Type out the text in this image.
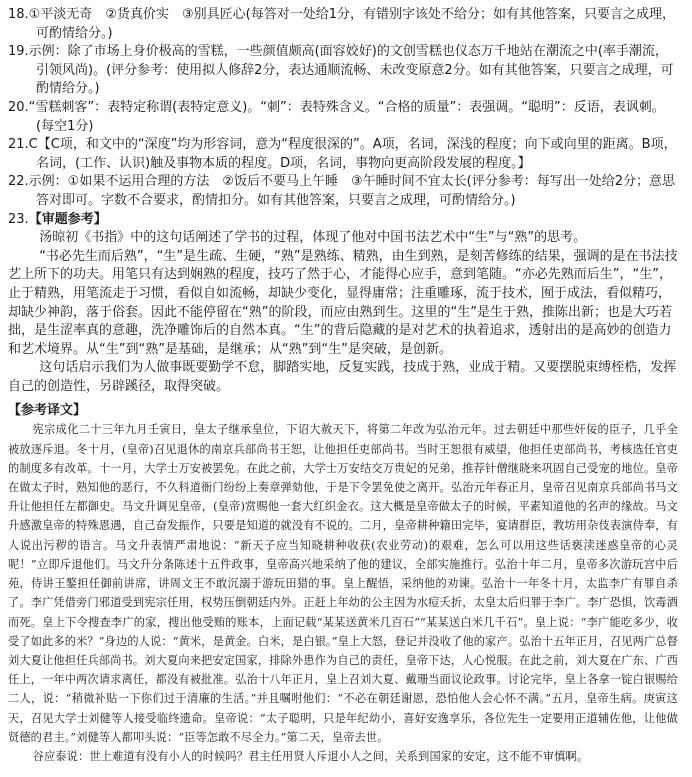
18.①平淡无奇　②货真价实　③别具匠心(每答对一处给1分，有错别字该处不给分；如有其他答案，只要言之成理，可酌情给分。)

19.示例：除了市场上身价极高的雪糕，一些颜值颇高(面容姣好)的文创雪糕也仪态万千地站在潮流之中(率手潮流，引领风尚)。(评分参考：使用拟人修辞2分，表达通顺流畅、未改变原意2分。如有其他答案，只要言之成理，可酌情给分。)

20.“雪糕刺客”：表特定称谓(表特定意义)。“刺”：表特殊含义。“合格的质量”：表强调。“聪明”：反语，表讽刺。(每空1分)

21.C【C项，和文中的“深度”均为形容词，意为“程度很深的”。A项，名词，深浅的程度；向下或向里的距离。B项，名词，(工作、认识)触及事物本质的程度。D项，名词，事物向更高阶段发展的程度。】

22.示例：①如果不运用合理的方法　②饭后不要马上午睡　③午睡时间不宜太长(评分参考：每写出一处给2分；意思答对即可。字数不合要求，酌情扣分。如有其他答案，只要言之成理，可酌情给分。)

23.【审题参考】

汤晾初《书指》中的这句话阐述了学书的过程，体现了他对中国书法艺术中“生”与“熟”的思考。

“书必先生而后熟”，“生”是生疏、生硬，“熟”是熟练、精熟，由生到熟，是刻苦修练的结果，强调的是在书法技艺上所下的功夫。用笔只有达到娴熟的程度，技巧了然于心，才能得心应手，意到笔随。“亦必先熟而后生”，“生”，止于精熟，用笔流走于习惯，看似自如流畅，却缺少变化，显得庸常；注重雕琢，流于技术，囿于成法，看似精巧，却缺少神韵，落于俗套。因此不能停留在“熟”的阶段，而应由熟到生。这里的“生”是生于熟，推陈出新；也是大巧若拙，是生涩率真的意趣，洗净雕饰后的自然本真。“生”的背后隐藏的是对艺术的执着追求，透射出的是高妙的创造力和艺术境界。从“生”到“熟”是基础，是继承；从“熟”到“生”是突破，是创新。

这句话启示我们为人做事既要勤学不怠，脚踏实地，反复实践，技成于熟，业成于精。又要摆脱束缚桎梏，发挥自己的创造性，另辟蹊径，取得突破。

【参考译文】

宪宗成化二十三年九月壬寅日，皇太子继承皇位，下诏大赦天下，将第二年改为弘治元年。过去朝廷中那些奸佞的臣子，几乎全被放逐斥退。冬十月，(皇帝)召见退休的南京兵部尚书王恕，让他担任吏部尚书。当时王恕很有威望，他担任吏部尚书，考核选任官吏的制度多有改革。十一月，大学士万安被罢免。在此之前，大学士万安结交万贵妃的兄弟，推荐针僧继晓来巩固自己受宠的地位。皇帝在做太子时，熟知他的恶行，不久科道衙门纷纷上奏章弹劾他，于是下令罢免使之离开。弘治元年春正月，皇帝召见南京兵部尚书马文升让他担任左都御史。马文升调见皇帝，(皇帝)赏赐他一套大红织金衣。这大概是皇帝做太子的时候，平素知道他的名声的缘故。马文升感激皇帝的特殊恩遇，自己奋发振作，只要是知道的就没有不说的。二月，皇帝耕种籍田完毕，宴请群臣，教坊用杂伎表演侍奉，有人说出污秽的语言。马文升表情严肃地说：“新天子应当知晓耕种收获(农业劳动)的艰难，怎么可以用这些话亵渎迷惑皇帝的心灵呢！”立即斥退他们。马文升分条陈述十五件政事，皇帝高兴地采纳了他的建议，全部实施推行。弘治十年二月，皇帝多次游玩宫中后苑，侍讲王鏊担任御前讲席，讲周文王不敢沉溺于游玩田猎的事。皇上醒悟，采纳他的劝谏。弘治十一年冬十月，太监李广有罪自杀了。李广凭借旁门邪道受到宪宗任用，权势压倒朝廷内外。正赶上年幼的公主因为水痘夭折，太皇太后归罪于李广。李广恐惧，饮毒酒而死。皇上下令搜查李广的家，搜出他受贿的账本，上面记载“某某送黄米几百石”“某某送白米几千石”。皇上说：“李广能吃多少，收受了如此多的米？”身边的人说：“黄米，是黄金。白米，是白银。”皇上大怒，登记并没收了他的家产。弘治十五年正月，召见两广总督刘大夏让他担任兵部尚书。刘大夏向来把安定国家，排除外患作为自己的责任，皇帝下达，人心悦服。在此之前，刘大夏在广东、广西任上，一年中两次请求离任，都没有被批准。弘治十八年正月，皇上召刘大夏、戴珊当面议论政事。讨论完毕，皇上各拿一锭白银赐给二人，说：“稍微补贴一下你们过于清廉的生活。”并且嘱咐他们：“不必在朝廷谢恩，恐怕他人会心怀不满。”五月，皇帝生病。庚寅这天，召见大学士刘健等人接受临终遗命。皇帝说：“太子聪明，只是年纪幼小，喜好安逸享乐，各位先生一定要用正道辅佐他，让他做贤德的君主。”刘健等人都叩头说：“臣等怎敢不尽全力。”第二天，皇帝去世。

谷应泰说：世上难道有没有小人的时候吗？君主任用贤人斥退小人之间，关系到国家的安定，这不能不审慎啊。
